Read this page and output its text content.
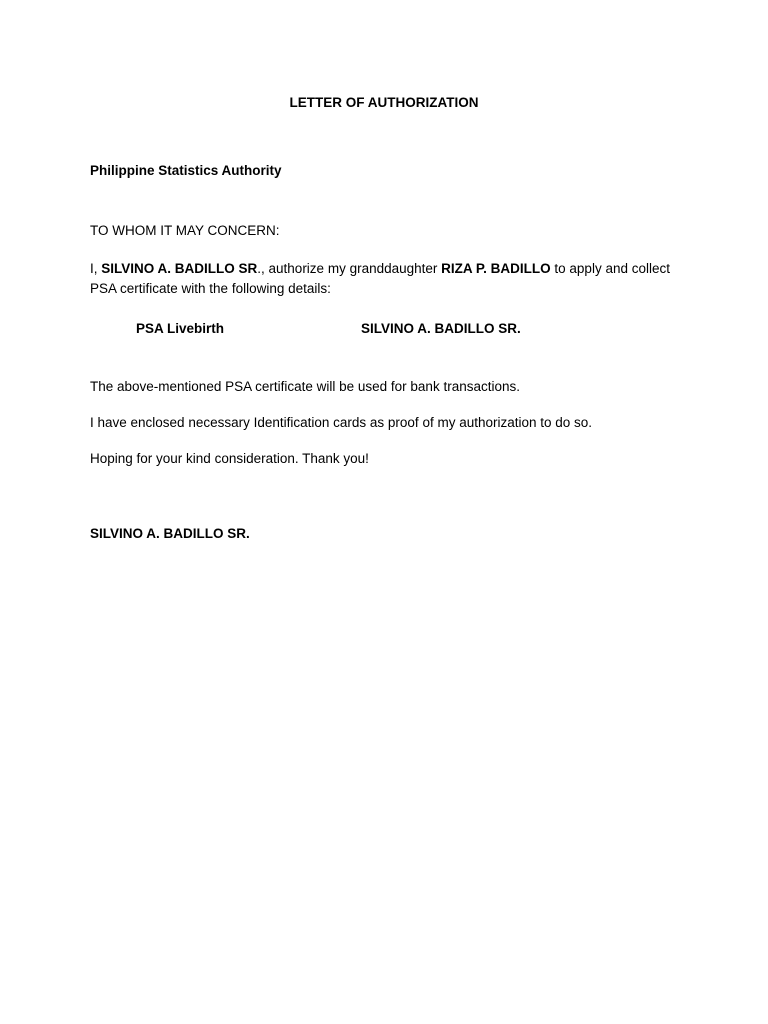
LETTER OF AUTHORIZATION
Philippine Statistics Authority
TO WHOM IT MAY CONCERN:
I, SILVINO A. BADILLO SR., authorize my granddaughter RIZA P. BADILLO to apply and collect
PSA certificate with the following details:
PSA Livebirth	SILVINO A. BADILLO SR.
The above-mentioned PSA certificate will be used for bank transactions.
I have enclosed necessary Identification cards as proof of my authorization to do so.
Hoping for your kind consideration. Thank you!
SILVINO A. BADILLO SR.
